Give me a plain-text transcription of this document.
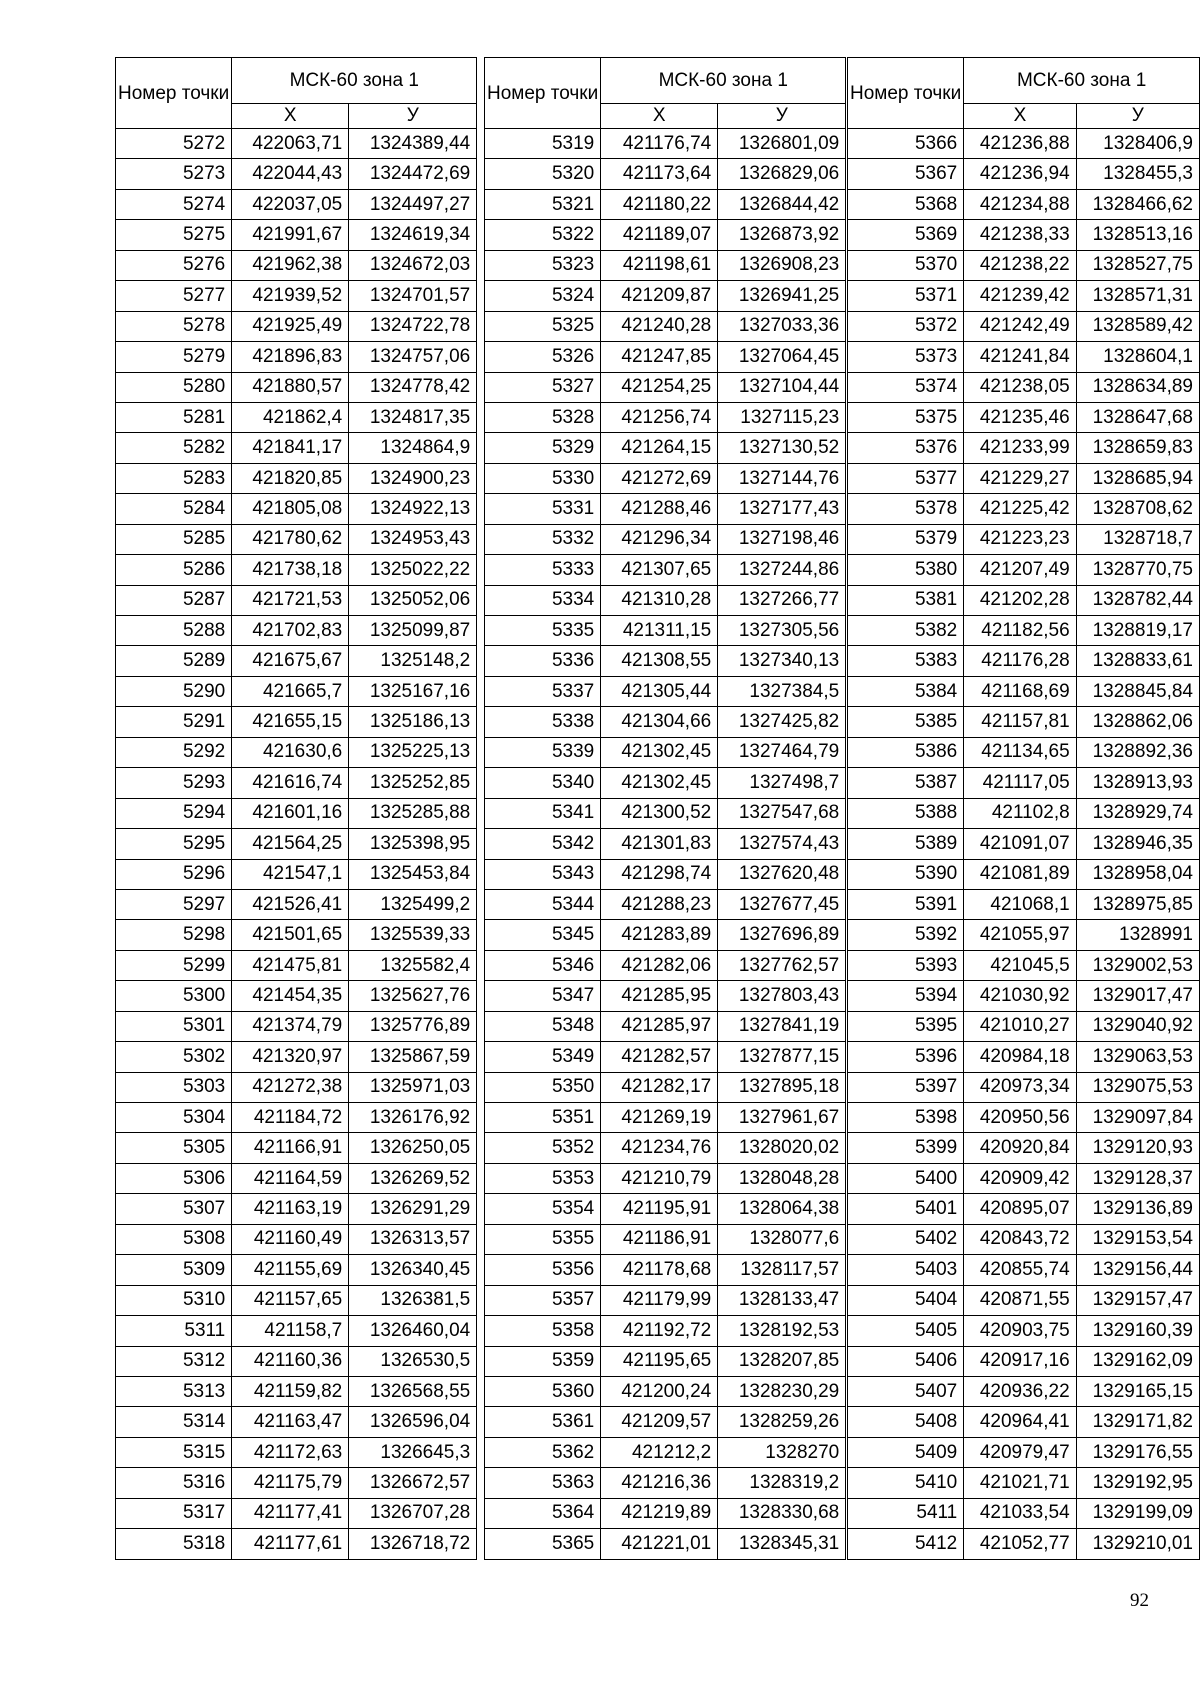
Номер точки	МСК-60 зона 1	
	Х	У
5272	422063,71	1324389,44
5273	422044,43	1324472,69
5274	422037,05	1324497,27
5275	421991,67	1324619,34
5276	421962,38	1324672,03
5277	421939,52	1324701,57
5278	421925,49	1324722,78
5279	421896,83	1324757,06
5280	421880,57	1324778,42
5281	421862,4	1324817,35
5282	421841,17	1324864,9
5283	421820,85	1324900,23
5284	421805,08	1324922,13
5285	421780,62	1324953,43
5286	421738,18	1325022,22
5287	421721,53	1325052,06
5288	421702,83	1325099,87
5289	421675,67	1325148,2
5290	421665,7	1325167,16
5291	421655,15	1325186,13
5292	421630,6	1325225,13
5293	421616,74	1325252,85
5294	421601,16	1325285,88
5295	421564,25	1325398,95
5296	421547,1	1325453,84
5297	421526,41	1325499,2
5298	421501,65	1325539,33
5299	421475,81	1325582,4
5300	421454,35	1325627,76
5301	421374,79	1325776,89
5302	421320,97	1325867,59
5303	421272,38	1325971,03
5304	421184,72	1326176,92
5305	421166,91	1326250,05
5306	421164,59	1326269,52
5307	421163,19	1326291,29
5308	421160,49	1326313,57
5309	421155,69	1326340,45
5310	421157,65	1326381,5
5311	421158,7	1326460,04
5312	421160,36	1326530,5
5313	421159,82	1326568,55
5314	421163,47	1326596,04
5315	421172,63	1326645,3
5316	421175,79	1326672,57
5317	421177,41	1326707,28
5318	421177,61	1326718,72
Номер точки	МСК-60 зона 1	
	Х	У
5319	421176,74	1326801,09
5320	421173,64	1326829,06
5321	421180,22	1326844,42
5322	421189,07	1326873,92
5323	421198,61	1326908,23
5324	421209,87	1326941,25
5325	421240,28	1327033,36
5326	421247,85	1327064,45
5327	421254,25	1327104,44
5328	421256,74	1327115,23
5329	421264,15	1327130,52
5330	421272,69	1327144,76
5331	421288,46	1327177,43
5332	421296,34	1327198,46
5333	421307,65	1327244,86
5334	421310,28	1327266,77
5335	421311,15	1327305,56
5336	421308,55	1327340,13
5337	421305,44	1327384,5
5338	421304,66	1327425,82
5339	421302,45	1327464,79
5340	421302,45	1327498,7
5341	421300,52	1327547,68
5342	421301,83	1327574,43
5343	421298,74	1327620,48
5344	421288,23	1327677,45
5345	421283,89	1327696,89
5346	421282,06	1327762,57
5347	421285,95	1327803,43
5348	421285,97	1327841,19
5349	421282,57	1327877,15
5350	421282,17	1327895,18
5351	421269,19	1327961,67
5352	421234,76	1328020,02
5353	421210,79	1328048,28
5354	421195,91	1328064,38
5355	421186,91	1328077,6
5356	421178,68	1328117,57
5357	421179,99	1328133,47
5358	421192,72	1328192,53
5359	421195,65	1328207,85
5360	421200,24	1328230,29
5361	421209,57	1328259,26
5362	421212,2	1328270
5363	421216,36	1328319,2
5364	421219,89	1328330,68
5365	421221,01	1328345,31
Номер точки	МСК-60 зона 1	
	Х	У
5366	421236,88	1328406,9
5367	421236,94	1328455,3
5368	421234,88	1328466,62
5369	421238,33	1328513,16
5370	421238,22	1328527,75
5371	421239,42	1328571,31
5372	421242,49	1328589,42
5373	421241,84	1328604,1
5374	421238,05	1328634,89
5375	421235,46	1328647,68
5376	421233,99	1328659,83
5377	421229,27	1328685,94
5378	421225,42	1328708,62
5379	421223,23	1328718,7
5380	421207,49	1328770,75
5381	421202,28	1328782,44
5382	421182,56	1328819,17
5383	421176,28	1328833,61
5384	421168,69	1328845,84
5385	421157,81	1328862,06
5386	421134,65	1328892,36
5387	421117,05	1328913,93
5388	421102,8	1328929,74
5389	421091,07	1328946,35
5390	421081,89	1328958,04
5391	421068,1	1328975,85
5392	421055,97	1328991
5393	421045,5	1329002,53
5394	421030,92	1329017,47
5395	421010,27	1329040,92
5396	420984,18	1329063,53
5397	420973,34	1329075,53
5398	420950,56	1329097,84
5399	420920,84	1329120,93
5400	420909,42	1329128,37
5401	420895,07	1329136,89
5402	420843,72	1329153,54
5403	420855,74	1329156,44
5404	420871,55	1329157,47
5405	420903,75	1329160,39
5406	420917,16	1329162,09
5407	420936,22	1329165,15
5408	420964,41	1329171,82
5409	420979,47	1329176,55
5410	421021,71	1329192,95
5411	421033,54	1329199,09
5412	421052,77	1329210,01
92
